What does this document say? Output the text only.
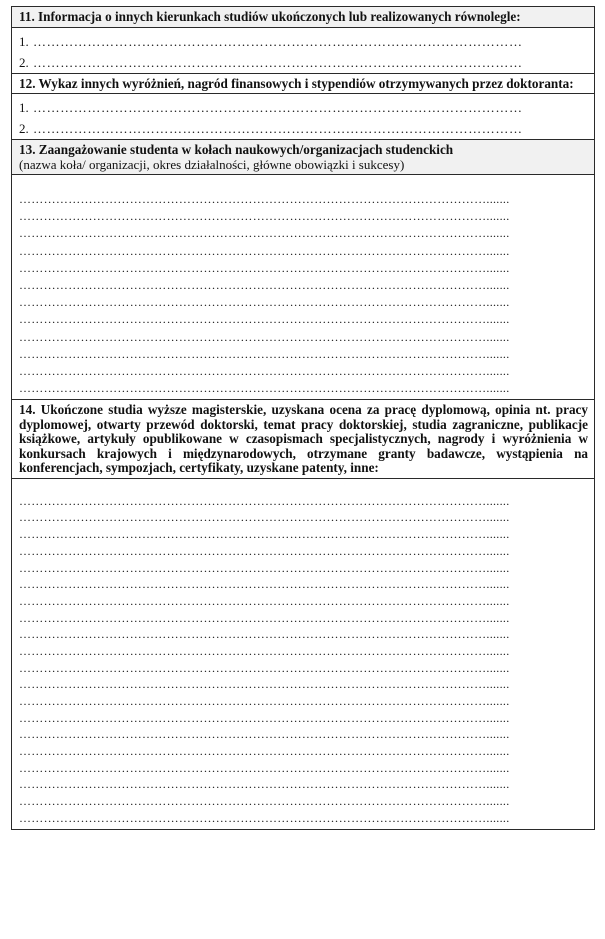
11. Informacja o innych kierunkach studiów ukończonych lub realizowanych równolegle:
1. ………………………………………………………………………………………………
2. ………………………………………………………………………………………………
12. Wykaz innych wyróżnień, nagród finansowych i stypendiów otrzymywanych przez doktoranta:
1. ………………………………………………………………………………………………
2. ………………………………………………………………………………………………
13. Zaangażowanie studenta w kołach naukowych/organizacjach studenckich
(nazwa koła/ organizacji, okres działalności, główne obowiązki i sukcesy)
…………………………………………………………………………………………………….......
…………………………………………………………………………………………………….......
…………………………………………………………………………………………………….......
…………………………………………………………………………………………………….......
…………………………………………………………………………………………………….......
…………………………………………………………………………………………………….......
…………………………………………………………………………………………………….......
…………………………………………………………………………………………………….......
…………………………………………………………………………………………………….......
…………………………………………………………………………………………………….......
…………………………………………………………………………………………………….......
…………………………………………………………………………………………………….......
14. Ukończone studia wyższe magisterskie, uzyskana ocena za pracę dyplomową, opinia nt. pracy dyplomowej, otwarty przewód doktorski, temat pracy doktorskiej, studia zagraniczne, publikacje książkowe, artykuły opublikowane w czasopismach specjalistycznych, nagrody i wyróżnienia w konkursach krajowych i międzynarodowych, otrzymane granty badawcze, wystąpienia na konferencjach, sympozjach, certyfikaty, uzyskane patenty, inne:
…………………………………………………………………………………………………….......
…………………………………………………………………………………………………….......
…………………………………………………………………………………………………….......
…………………………………………………………………………………………………….......
…………………………………………………………………………………………………….......
…………………………………………………………………………………………………….......
…………………………………………………………………………………………………….......
…………………………………………………………………………………………………….......
…………………………………………………………………………………………………….......
…………………………………………………………………………………………………….......
…………………………………………………………………………………………………….......
…………………………………………………………………………………………………….......
…………………………………………………………………………………………………….......
…………………………………………………………………………………………………….......
…………………………………………………………………………………………………….......
…………………………………………………………………………………………………….......
…………………………………………………………………………………………………….......
…………………………………………………………………………………………………….......
…………………………………………………………………………………………………….......
…………………………………………………………………………………………………….......
